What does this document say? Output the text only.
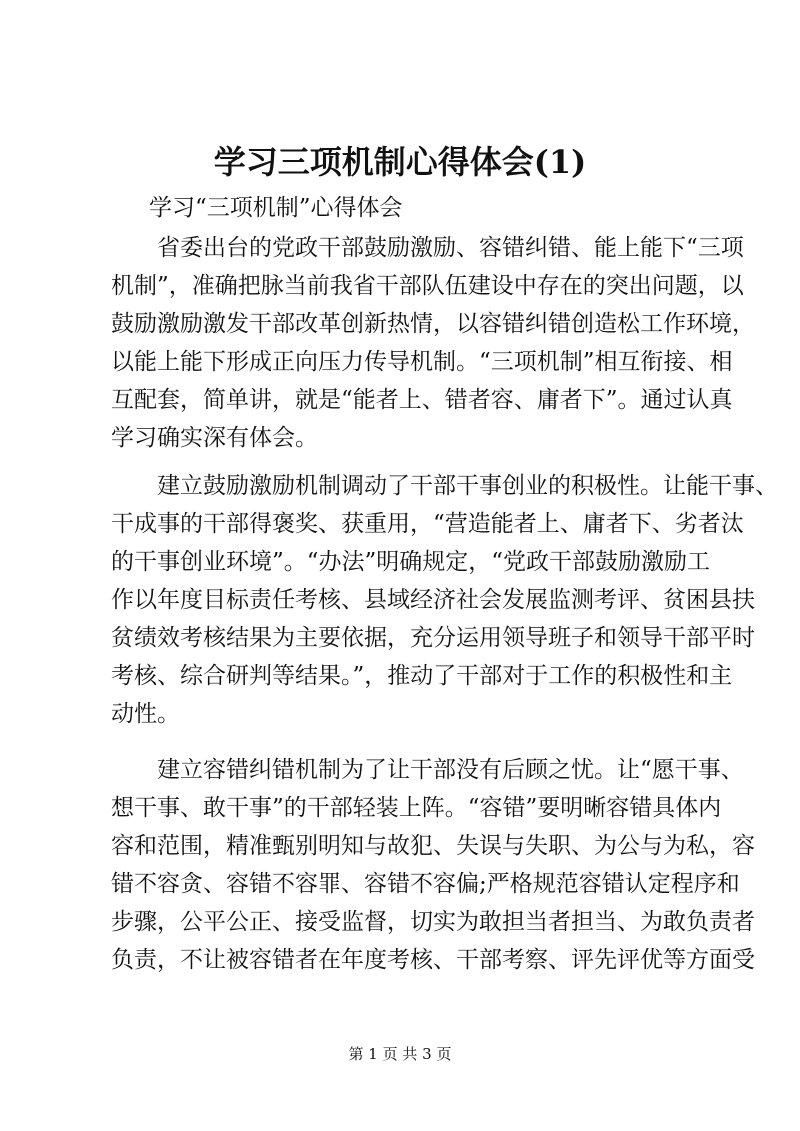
学习三项机制心得体会(1)
学习“三项机制”心得体会
　　省委出台的党政干部鼓励激励、容错纠错、能上能下“三项
机制”，准确把脉当前我省干部队伍建设中存在的突出问题，以
鼓励激励激发干部改革创新热情，以容错纠错创造松工作环境，
以能上能下形成正向压力传导机制。“三项机制”相互衔接、相
互配套，简单讲，就是“能者上、错者容、庸者下”。通过认真
学习确实深有体会。
　　建立鼓励激励机制调动了干部干事创业的积极性。让能干事、
干成事的干部得褒奖、获重用，“营造能者上、庸者下、劣者汰
的干事创业环境”。“办法”明确规定，“党政干部鼓励激励工
作以年度目标责任考核、县域经济社会发展监测考评、贫困县扶
贫绩效考核结果为主要依据，充分运用领导班子和领导干部平时
考核、综合研判等结果。”，推动了干部对于工作的积极性和主
动性。
　　建立容错纠错机制为了让干部没有后顾之忧。让“愿干事、
想干事、敢干事”的干部轻装上阵。“容错”要明晰容错具体内
容和范围，精准甄别明知与故犯、失误与失职、为公与为私，容
错不容贪、容错不容罪、容错不容偏;严格规范容错认定程序和
步骤，公平公正、接受监督，切实为敢担当者担当、为敢负责者
负责，不让被容错者在年度考核、干部考察、评先评优等方面受
第 1 页 共 3 页
